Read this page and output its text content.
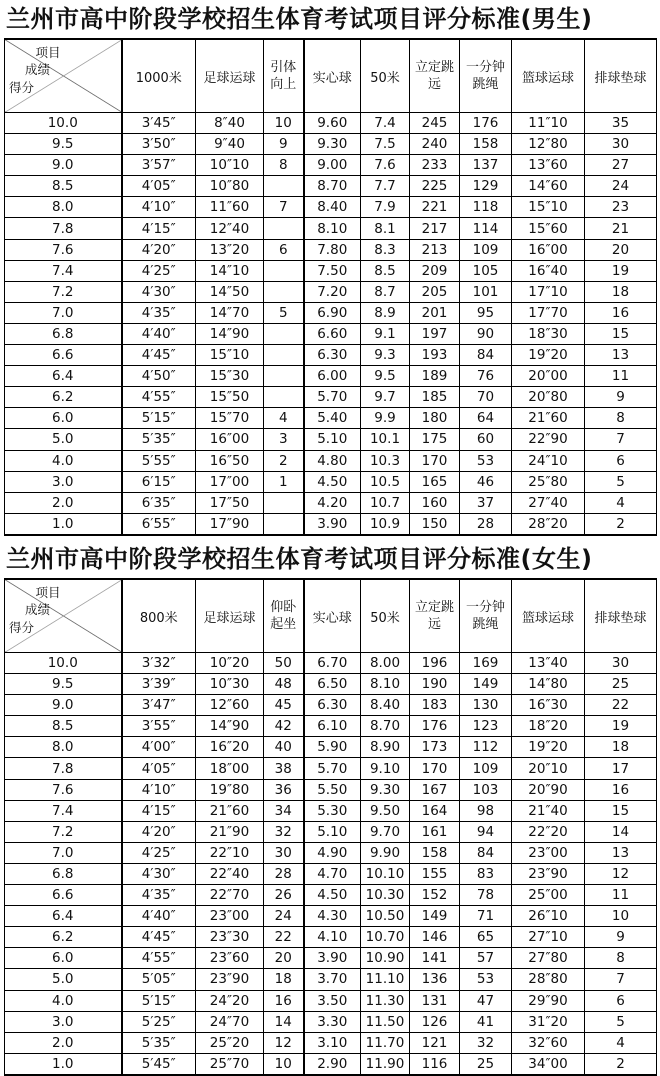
兰州市高中阶段学校招生体育考试项目评分标准(男生)
项目
成绩
得分	1000米	足球运球	引体向上	实心球	50米	立定跳远	一分钟跳绳	篮球运球	排球垫球
10.0	3′45″	8″40	10	9.60	7.4	245	176	11″10	35
9.5	3′50″	9″40	9	9.30	7.5	240	158	12″80	30
9.0	3′57″	10″10	8	9.00	7.6	233	137	13″60	27
8.5	4′05″	10″80		8.70	7.7	225	129	14″60	24
8.0	4′10″	11″60	7	8.40	7.9	221	118	15″10	23
7.8	4′15″	12″40		8.10	8.1	217	114	15″60	21
7.6	4′20″	13″20	6	7.80	8.3	213	109	16″00	20
7.4	4′25″	14″10		7.50	8.5	209	105	16″40	19
7.2	4′30″	14″50		7.20	8.7	205	101	17″10	18
7.0	4′35″	14″70	5	6.90	8.9	201	95	17″70	16
6.8	4′40″	14″90		6.60	9.1	197	90	18″30	15
6.6	4′45″	15″10		6.30	9.3	193	84	19″20	13
6.4	4′50″	15″30		6.00	9.5	189	76	20″00	11
6.2	4′55″	15″50		5.70	9.7	185	70	20″80	9
6.0	5′15″	15″70	4	5.40	9.9	180	64	21″60	8
5.0	5′35″	16″00	3	5.10	10.1	175	60	22″90	7
4.0	5′55″	16″50	2	4.80	10.3	170	53	24″10	6
3.0	6′15″	17″00	1	4.50	10.5	165	46	25″80	5
2.0	6′35″	17″50		4.20	10.7	160	37	27″40	4
1.0	6′55″	17″90		3.90	10.9	150	28	28″20	2
兰州市高中阶段学校招生体育考试项目评分标准(女生)
项目
成绩
得分	800米	足球运球	仰卧起坐	实心球	50米	立定跳远	一分钟跳绳	篮球运球	排球垫球
10.0	3′32″	10″20	50	6.70	8.00	196	169	13″40	30
9.5	3′39″	10″30	48	6.50	8.10	190	149	14″80	25
9.0	3′47″	12″60	45	6.30	8.40	183	130	16″30	22
8.5	3′55″	14″90	42	6.10	8.70	176	123	18″20	19
8.0	4′00″	16″20	40	5.90	8.90	173	112	19″20	18
7.8	4′05″	18″00	38	5.70	9.10	170	109	20″10	17
7.6	4′10″	19″80	36	5.50	9.30	167	103	20″90	16
7.4	4′15″	21″60	34	5.30	9.50	164	98	21″40	15
7.2	4′20″	21″90	32	5.10	9.70	161	94	22″20	14
7.0	4′25″	22″10	30	4.90	9.90	158	84	23″00	13
6.8	4′30″	22″40	28	4.70	10.10	155	83	23″90	12
6.6	4′35″	22″70	26	4.50	10.30	152	78	25″00	11
6.4	4′40″	23″00	24	4.30	10.50	149	71	26″10	10
6.2	4′45″	23″30	22	4.10	10.70	146	65	27″10	9
6.0	4′55″	23″60	20	3.90	10.90	141	57	27″80	8
5.0	5′05″	23″90	18	3.70	11.10	136	53	28″80	7
4.0	5′15″	24″20	16	3.50	11.30	131	47	29″90	6
3.0	5′25″	24″70	14	3.30	11.50	126	41	31″20	5
2.0	5′35″	25″20	12	3.10	11.70	121	32	32″60	4
1.0	5′45″	25″70	10	2.90	11.90	116	25	34″00	2
